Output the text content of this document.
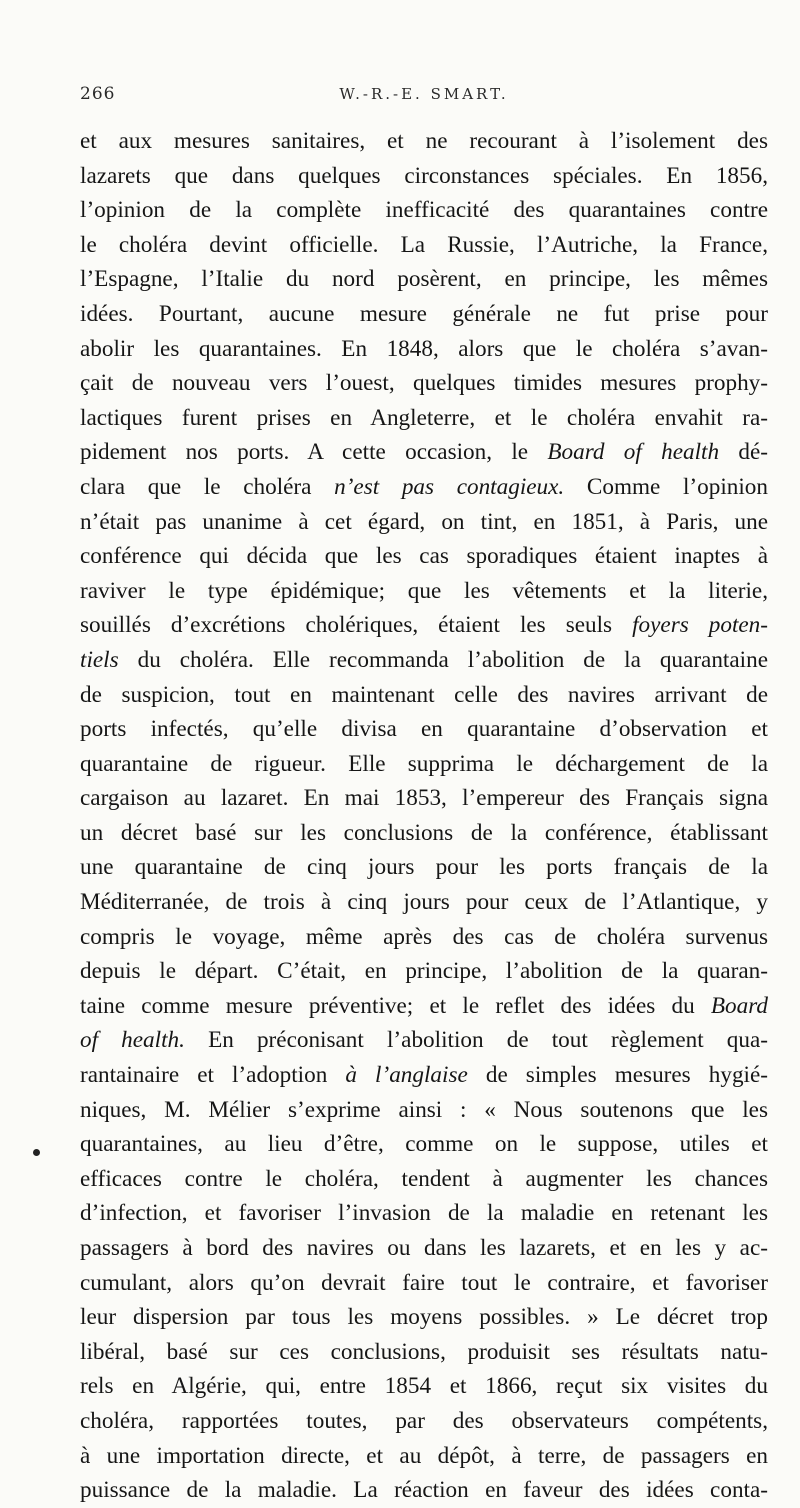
266	W.-R.-E. SMART.
et aux mesures sanitaires, et ne recourant à l’isolement des
lazarets que dans quelques circonstances spéciales. En 1856,
l’opinion de la complète inefficacité des quarantaines contre
le choléra devint officielle. La Russie, l’Autriche, la France,
l’Espagne, l’Italie du nord posèrent, en principe, les mêmes
idées. Pourtant, aucune mesure générale ne fut prise pour
abolir les quarantaines. En 1848, alors que le choléra s’avan-
çait de nouveau vers l’ouest, quelques timides mesures prophy-
lactiques furent prises en Angleterre, et le choléra envahit ra-
pidement nos ports. A cette occasion, le Board of health dé-
clara que le choléra n’est pas contagieux. Comme l’opinion
n’était pas unanime à cet égard, on tint, en 1851, à Paris, une
conférence qui décida que les cas sporadiques étaient inaptes à
raviver le type épidémique; que les vêtements et la literie,
souillés d’excrétions cholériques, étaient les seuls foyers poten-
tiels du choléra. Elle recommanda l’abolition de la quarantaine
de suspicion, tout en maintenant celle des navires arrivant de
ports infectés, qu’elle divisa en quarantaine d’observation et
quarantaine de rigueur. Elle supprima le déchargement de la
cargaison au lazaret. En mai 1853, l’empereur des Français signa
un décret basé sur les conclusions de la conférence, établissant
une quarantaine de cinq jours pour les ports français de la
Méditerranée, de trois à cinq jours pour ceux de l’Atlantique, y
compris le voyage, même après des cas de choléra survenus
depuis le départ. C’était, en principe, l’abolition de la quaran-
taine comme mesure préventive; et le reflet des idées du Board
of health. En préconisant l’abolition de tout règlement qua-
rantainaire et l’adoption à l’anglaise de simples mesures hygié-
niques, M. Mélier s’exprime ainsi : « Nous soutenons que les
quarantaines, au lieu d’être, comme on le suppose, utiles et
efficaces contre le choléra, tendent à augmenter les chances
d’infection, et favoriser l’invasion de la maladie en retenant les
passagers à bord des navires ou dans les lazarets, et en les y ac-
cumulant, alors qu’on devrait faire tout le contraire, et favoriser
leur dispersion par tous les moyens possibles. » Le décret trop
libéral, basé sur ces conclusions, produisit ses résultats natu-
rels en Algérie, qui, entre 1854 et 1866, reçut six visites du
choléra, rapportées toutes, par des observateurs compétents,
à une importation directe, et au dépôt, à terre, de passagers en
puissance de la maladie. La réaction en faveur des idées conta-
